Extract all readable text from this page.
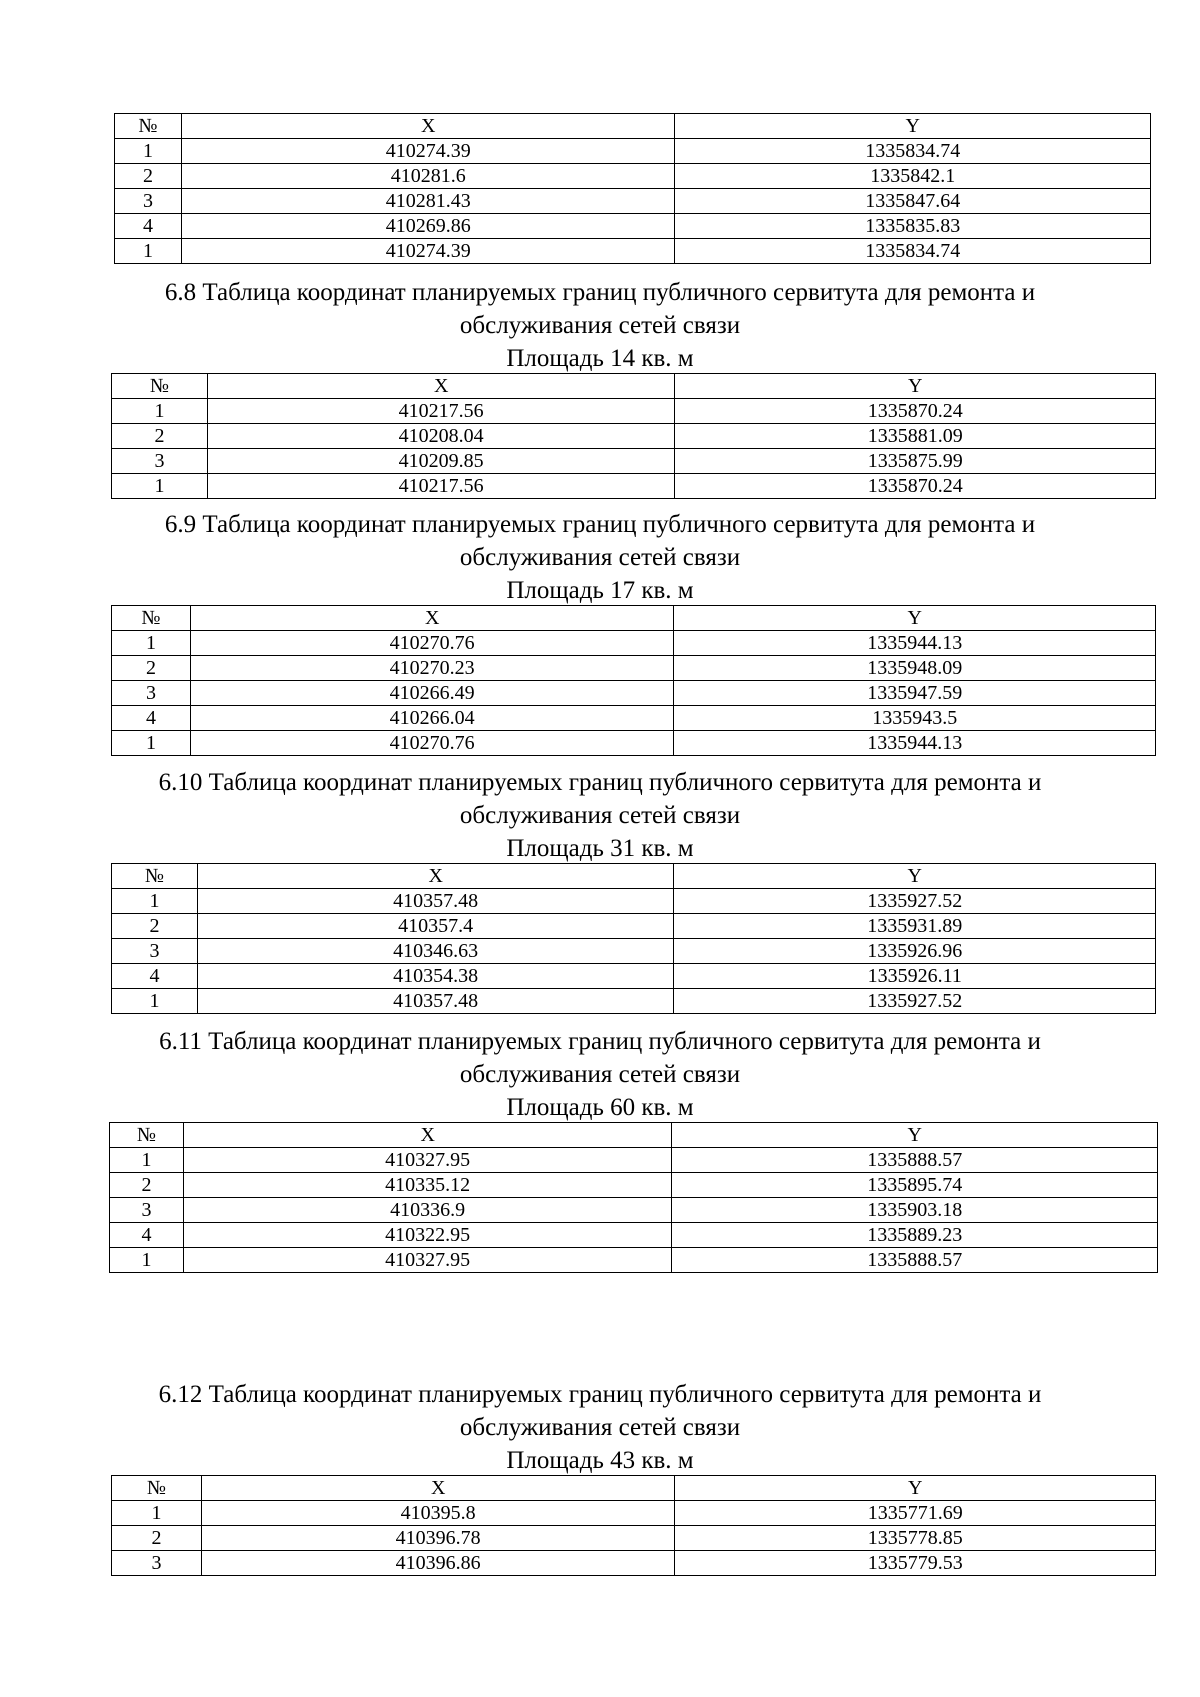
№	X	Y
1	410274.39	1335834.74
2	410281.6	1335842.1
3	410281.43	1335847.64
4	410269.86	1335835.83
1	410274.39	1335834.74
6.8 Таблица координат планируемых границ публичного сервитута для ремонта и
обслуживания сетей связи
Площадь 14 кв. м
№	X	Y
1	410217.56	1335870.24
2	410208.04	1335881.09
3	410209.85	1335875.99
1	410217.56	1335870.24
6.9 Таблица координат планируемых границ публичного сервитута для ремонта и
обслуживания сетей связи
Площадь 17 кв. м
№	X	Y
1	410270.76	1335944.13
2	410270.23	1335948.09
3	410266.49	1335947.59
4	410266.04	1335943.5
1	410270.76	1335944.13
6.10 Таблица координат планируемых границ публичного сервитута для ремонта и
обслуживания сетей связи
Площадь 31 кв. м
№	X	Y
1	410357.48	1335927.52
2	410357.4	1335931.89
3	410346.63	1335926.96
4	410354.38	1335926.11
1	410357.48	1335927.52
6.11 Таблица координат планируемых границ публичного сервитута для ремонта и
обслуживания сетей связи
Площадь 60 кв. м
№	X	Y
1	410327.95	1335888.57
2	410335.12	1335895.74
3	410336.9	1335903.18
4	410322.95	1335889.23
1	410327.95	1335888.57
6.12 Таблица координат планируемых границ публичного сервитута для ремонта и
обслуживания сетей связи
Площадь 43 кв. м
№	X	Y
1	410395.8	1335771.69
2	410396.78	1335778.85
3	410396.86	1335779.53
